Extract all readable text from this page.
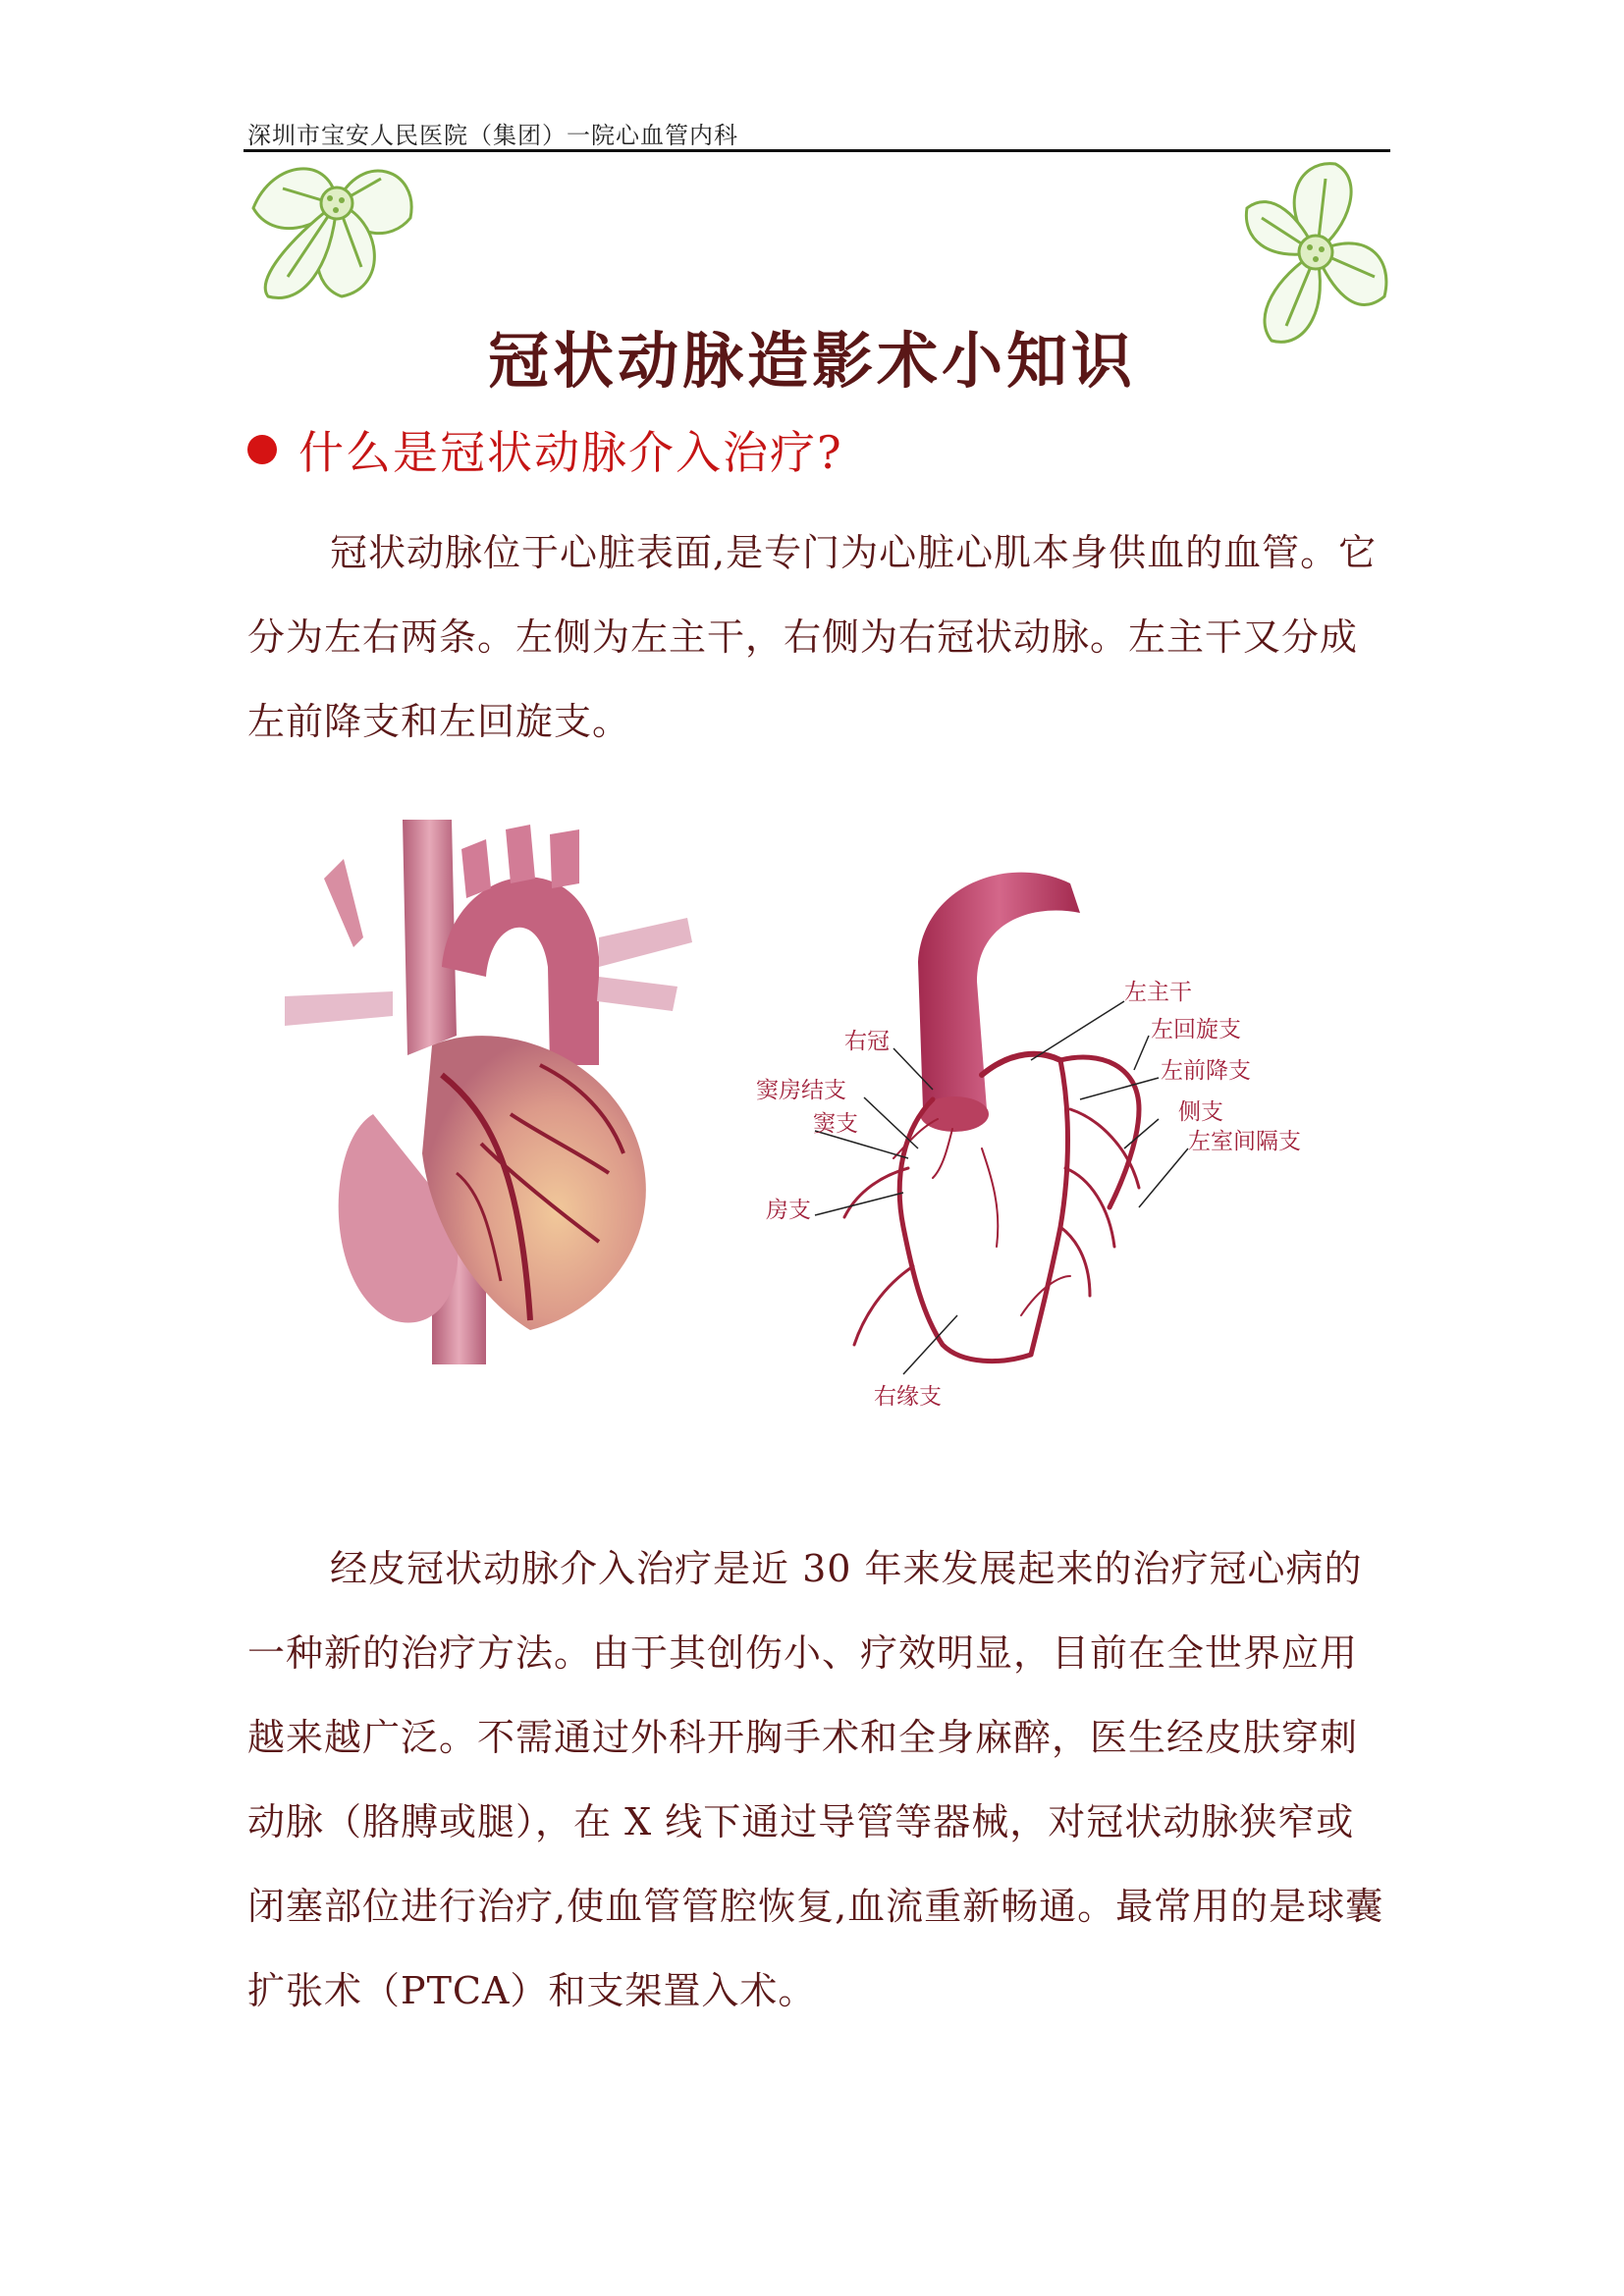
深圳市宝安人民医院（集团）一院心血管内科
冠状动脉造影术小知识
什么是冠状动脉介入治疗?

冠状动脉位于心脏表面,是专门为心脏心肌本身供血的血管。它分为左右两条。左侧为左主干，右侧为右冠状动脉。左主干又分成左前降支和左回旋支。

左主干
左回旋支
左前降支
侧支
左室间隔支
右冠
窦房结支
窦支
房支
右缘支

经皮冠状动脉介入治疗是近 30 年来发展起来的治疗冠心病的一种新的治疗方法。由于其创伤小、疗效明显，目前在全世界应用越来越广泛。不需通过外科开胸手术和全身麻醉，医生经皮肤穿刺动脉（胳膊或腿），在 X 线下通过导管等器械，对冠状动脉狭窄或闭塞部位进行治疗,使血管管腔恢复,血流重新畅通。最常用的是球囊扩张术（PTCA）和支架置入术。
